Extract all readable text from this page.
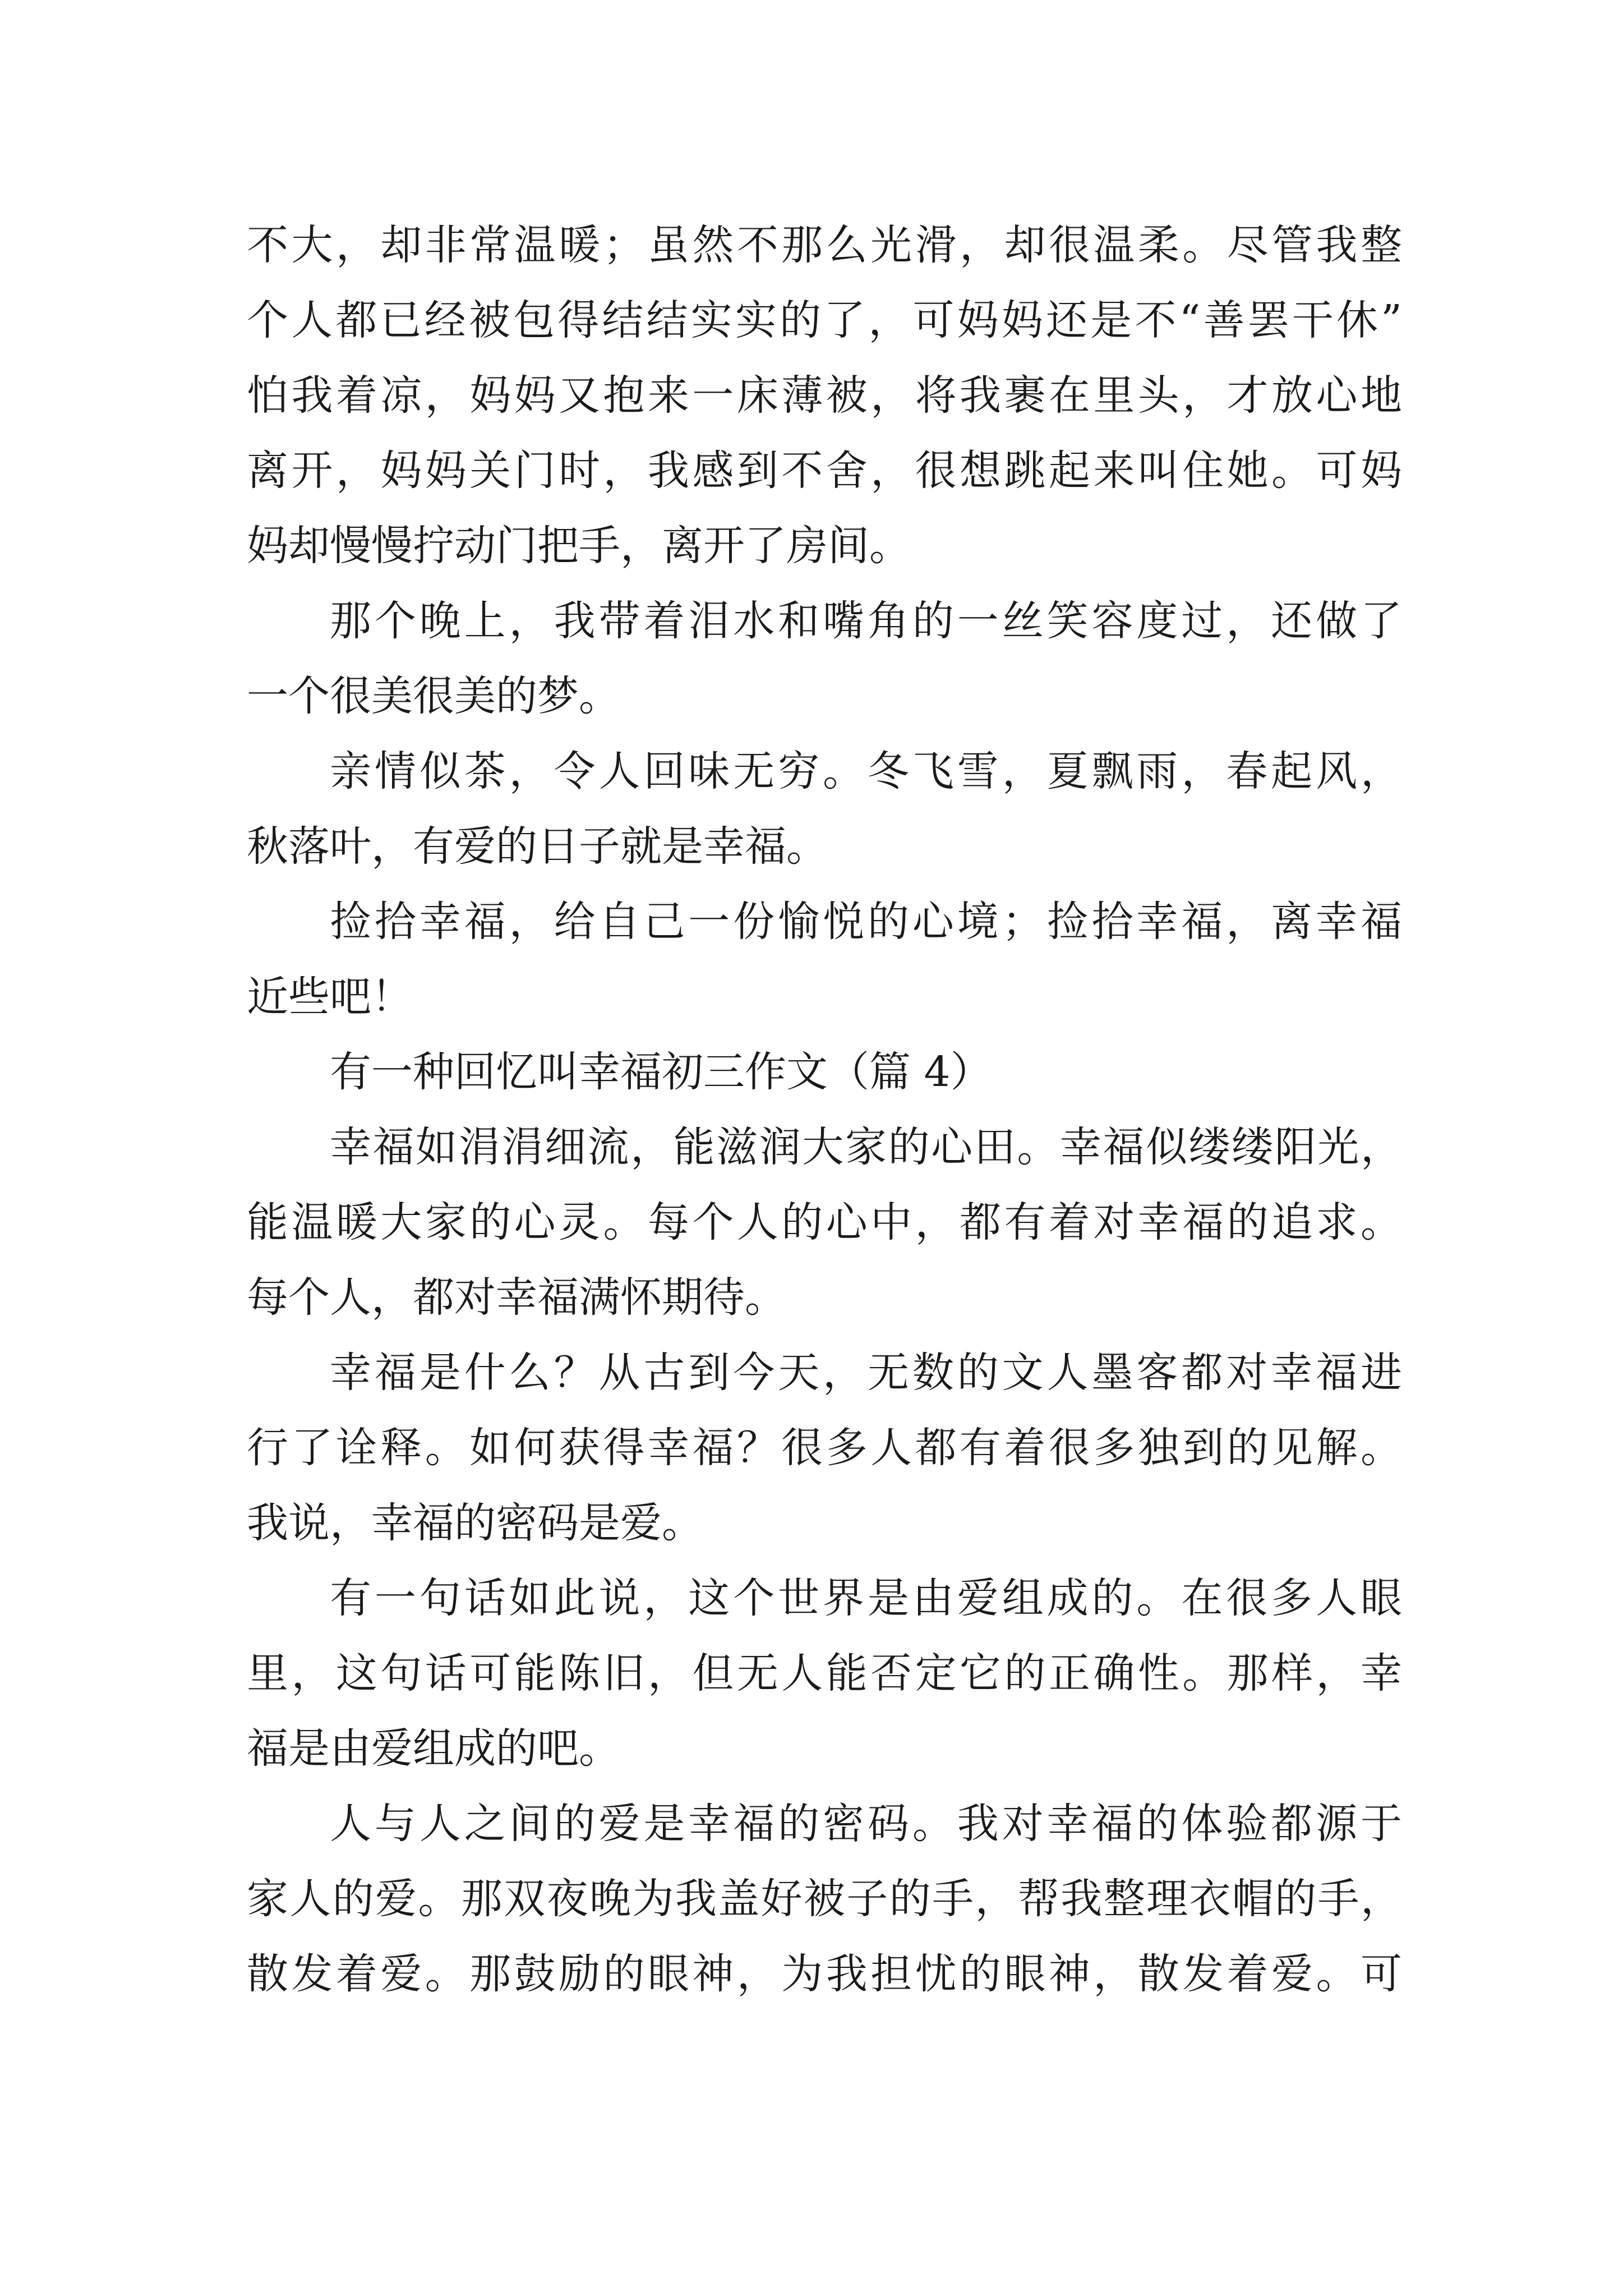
不大，却非常温暖；虽然不那么光滑，却很温柔。尽管我整
个人都已经被包得结结实实的了，可妈妈还是不“善罢干休”
怕我着凉，妈妈又抱来一床薄被，将我裹在里头，才放心地
离开，妈妈关门时，我感到不舍，很想跳起来叫住她。可妈
妈却慢慢拧动门把手，离开了房间。
那个晚上，我带着泪水和嘴角的一丝笑容度过，还做了
一个很美很美的梦。
亲情似茶，令人回味无穷。冬飞雪，夏飘雨，春起风，
秋落叶，有爱的日子就是幸福。
捡拾幸福，给自己一份愉悦的心境；捡拾幸福，离幸福
近些吧！
有一种回忆叫幸福初三作文（篇 4）
幸福如涓涓细流，能滋润大家的心田。幸福似缕缕阳光，
能温暖大家的心灵。每个人的心中，都有着对幸福的追求。
每个人，都对幸福满怀期待。
幸福是什么？从古到今天，无数的文人墨客都对幸福进
行了诠释。如何获得幸福？很多人都有着很多独到的见解。
我说，幸福的密码是爱。
有一句话如此说，这个世界是由爱组成的。在很多人眼
里，这句话可能陈旧，但无人能否定它的正确性。那样，幸
福是由爱组成的吧。
人与人之间的爱是幸福的密码。我对幸福的体验都源于
家人的爱。那双夜晚为我盖好被子的手，帮我整理衣帽的手，
散发着爱。那鼓励的眼神，为我担忧的眼神，散发着爱。可
